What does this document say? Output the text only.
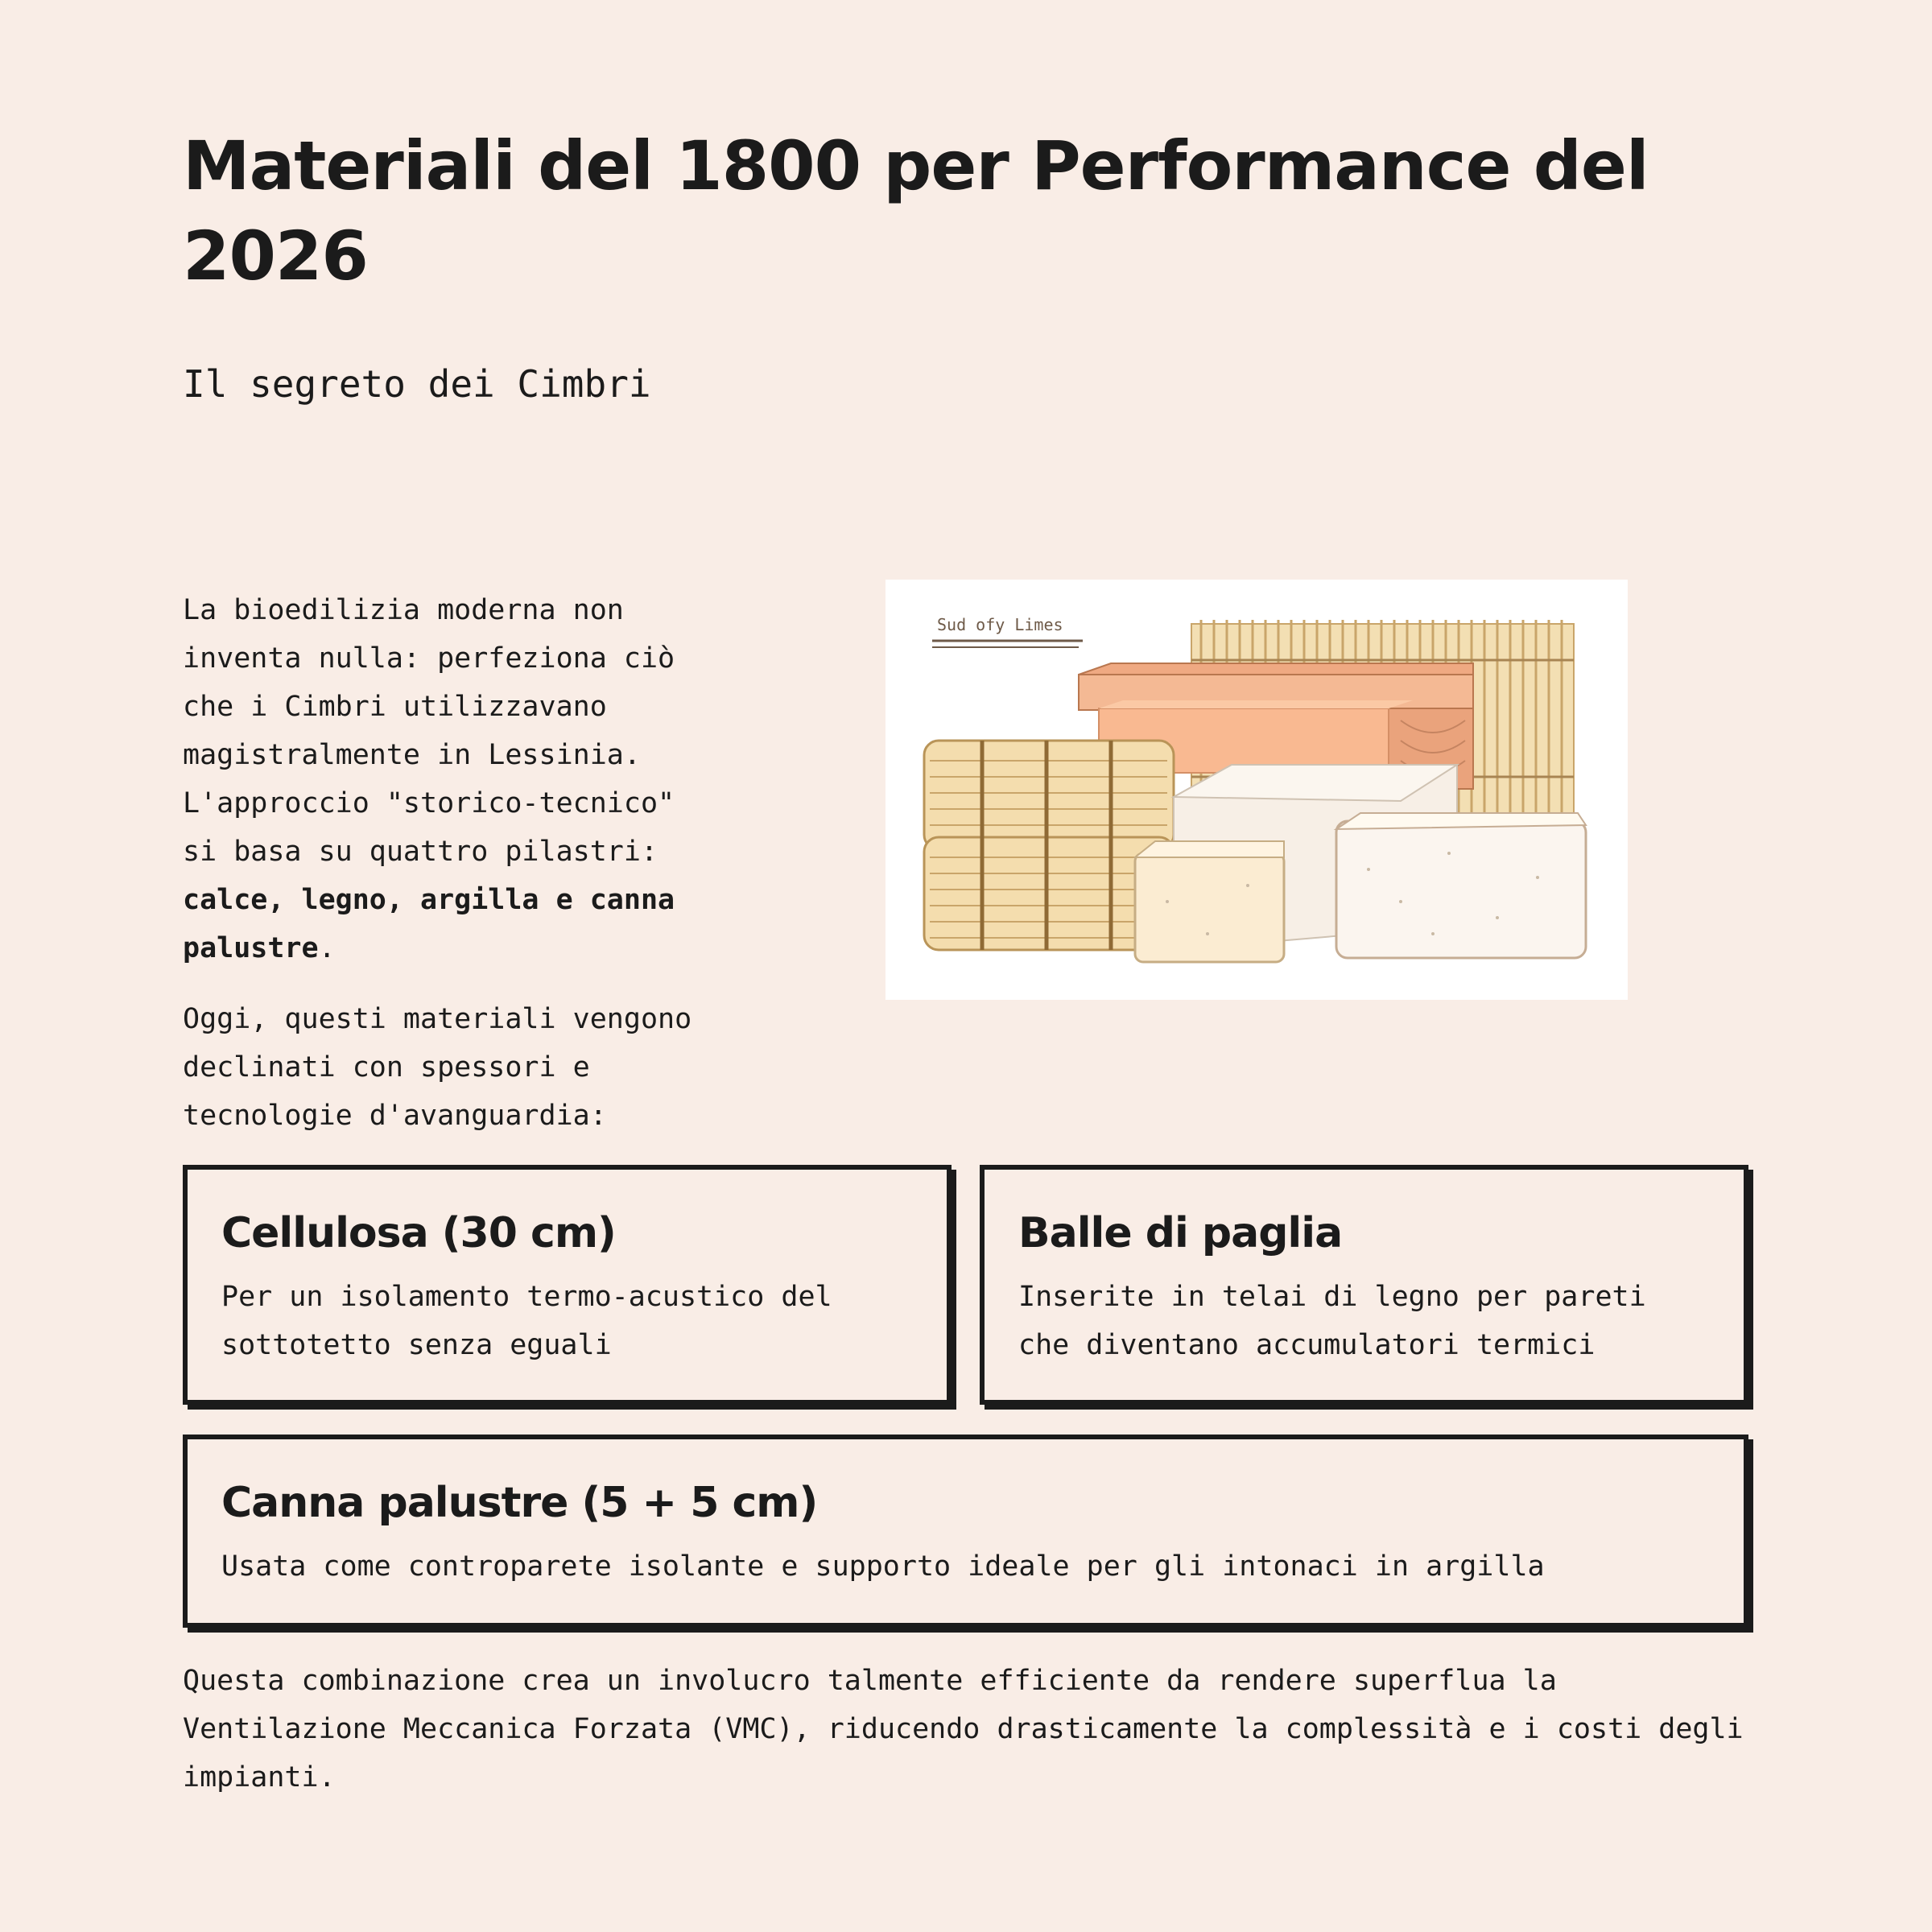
Materiali del 1800 per Performance del 2026
Il segreto dei Cimbri

La bioedilizia moderna non inventa nulla: perfeziona ciò che i Cimbri utilizzavano magistralmente in Lessinia. L'approccio "storico-tecnico" si basa su quattro pilastri: calce, legno, argilla e canna palustre.

Oggi, questi materiali vengono declinati con spessori e tecnologie d'avanguardia:

Sud ofy Limes
Cellulosa (30 cm)

Per un isolamento termo-acustico del sottotetto senza eguali

Balle di paglia

Inserite in telai di legno per pareti che diventano accumulatori termici

Canna palustre (5 + 5 cm)

Usata come controparete isolante e supporto ideale per gli intonaci in argilla

Questa combinazione crea un involucro talmente efficiente da rendere superflua la Ventilazione Meccanica Forzata (VMC), riducendo drasticamente la complessità e i costi degli impianti.
